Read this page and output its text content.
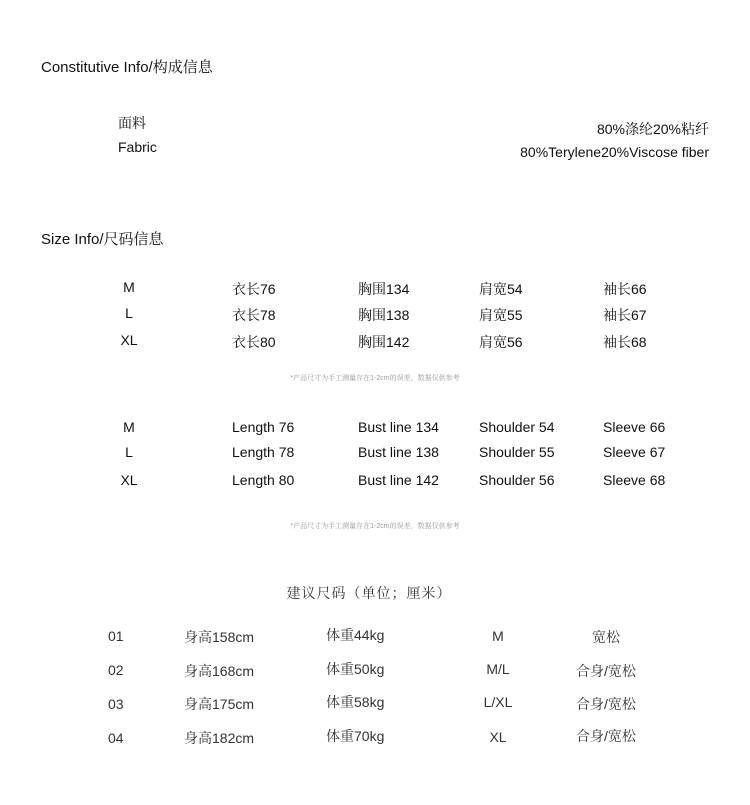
Constitutive Info/构成信息
面料
Fabric
80%涤纶20%粘纤
80%Terylene20%Viscose fiber
Size Info/尺码信息
M	衣长76	胸围134	肩宽54	袖长66
L	衣长78	胸围138	肩宽55	袖长67
XL	衣长80	胸围142	肩宽56	袖长68
*产品尺寸为手工测量存在1-2cm的误差，数据仅供参考
M	Length 76	Bust line 134	Shoulder 54	Sleeve 66
L	Length 78	Bust line 138	Shoulder 55	Sleeve 67
XL	Length 80	Bust line 142	Shoulder 56	Sleeve 68
*产品尺寸为手工测量存在1-2cm的误差，数据仅供参考
建议尺码（单位；厘米）
01	身高158cm	体重44kg	M	宽松
02	身高168cm	体重50kg	M/L	合身/宽松
03	身高175cm	体重58kg	L/XL	合身/宽松
04	身高182cm	体重70kg	XL	合身/宽松
